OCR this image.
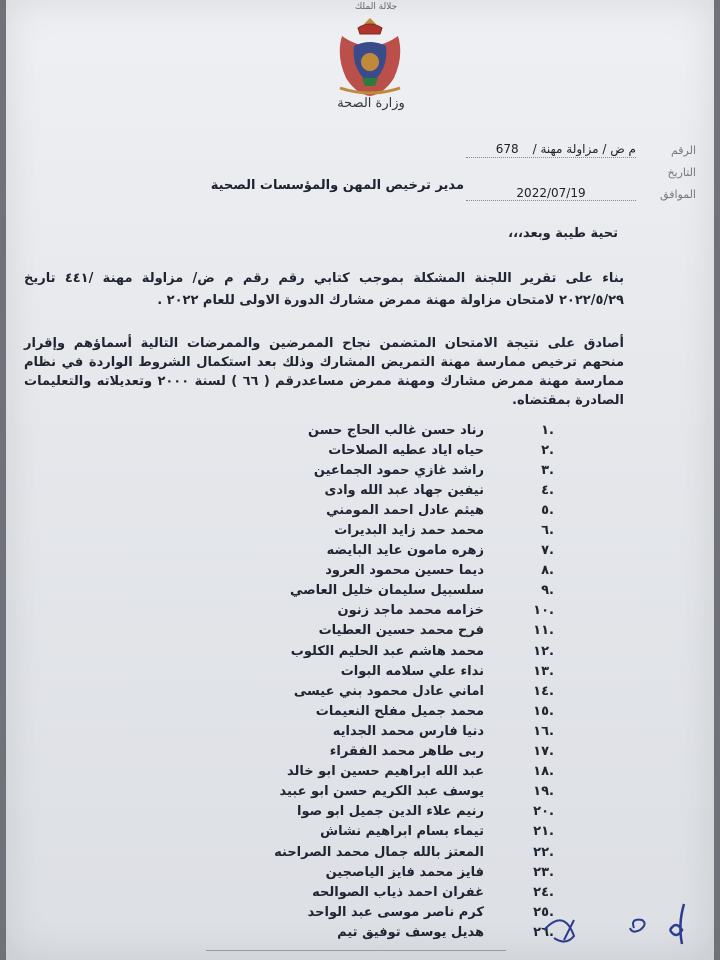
جلالة الملك
وزارة الصحة
الرقم
التاريخ
الموافق
م ض / مزاولة مهنة /
678
2022/07/19
مدير ترخيص المهن والمؤسسات الصحية
تحية طيبة وبعد،،،
بناء على تقرير اللجنة المشكلة بموجب كتابي رقم رقم م ض/ مزاولة مهنة /٤٤١ تاريخ ٢٠٢٢/٥/٢٩ لامتحان مزاولة مهنة ممرض مشارك الدورة الاولى للعام ٢٠٢٢ .
أصادق على نتيجة الامتحان المتضمن نجاح الممرضين والممرضات التالية أسماؤهم وإقرار منحهم ترخيص ممارسة مهنة التمريض المشارك وذلك بعد استكمال الشروط الواردة في نظام ممارسة مهنة ممرض مشارك ومهنة ممرض مساعدرقم ( ٦٦ ) لسنة ٢٠٠٠ وتعديلاته والتعليمات الصادرة بمقتضاه.
.١
رناد حسن غالب الحاج حسن
.٢
حياه اياد عطيه الصلاحات
.٣
راشد غازي حمود الجماعين
.٤
نيفين جهاد عبد الله وادى
.٥
هيثم عادل احمد المومني
.٦
محمد حمد زايد البديرات
.٧
زهره مامون عايد البايضه
.٨
ديما حسين محمود العرود
.٩
سلسبيل سليمان خليل العاصي
.١٠
خزامه محمد ماجد زنون
.١١
فرح محمد حسين العطيات
.١٢
محمد هاشم عبد الحليم الكلوب
.١٣
نداء علي سلامه البوات
.١٤
اماني عادل محمود بني عيسى
.١٥
محمد جميل مفلح النعيمات
.١٦
دنيا فارس محمد الجدايه
.١٧
ربى طاهر محمد الفقراء
.١٨
عبد الله ابراهيم حسين ابو خالد
.١٩
يوسف عبد الكريم حسن ابو عبيد
.٢٠
رنيم علاء الدين جميل ابو صوا
.٢١
تيماء بسام ابراهيم نشاش
.٢٢
المعتز بالله جمال محمد الصراحنه
.٢٣
فايز محمد فايز الياصجين
.٢٤
غفران احمد ذياب الصوالحه
.٢٥
كرم ناصر موسى عبد الواحد
.٢٦
هديل يوسف توفيق تيم
